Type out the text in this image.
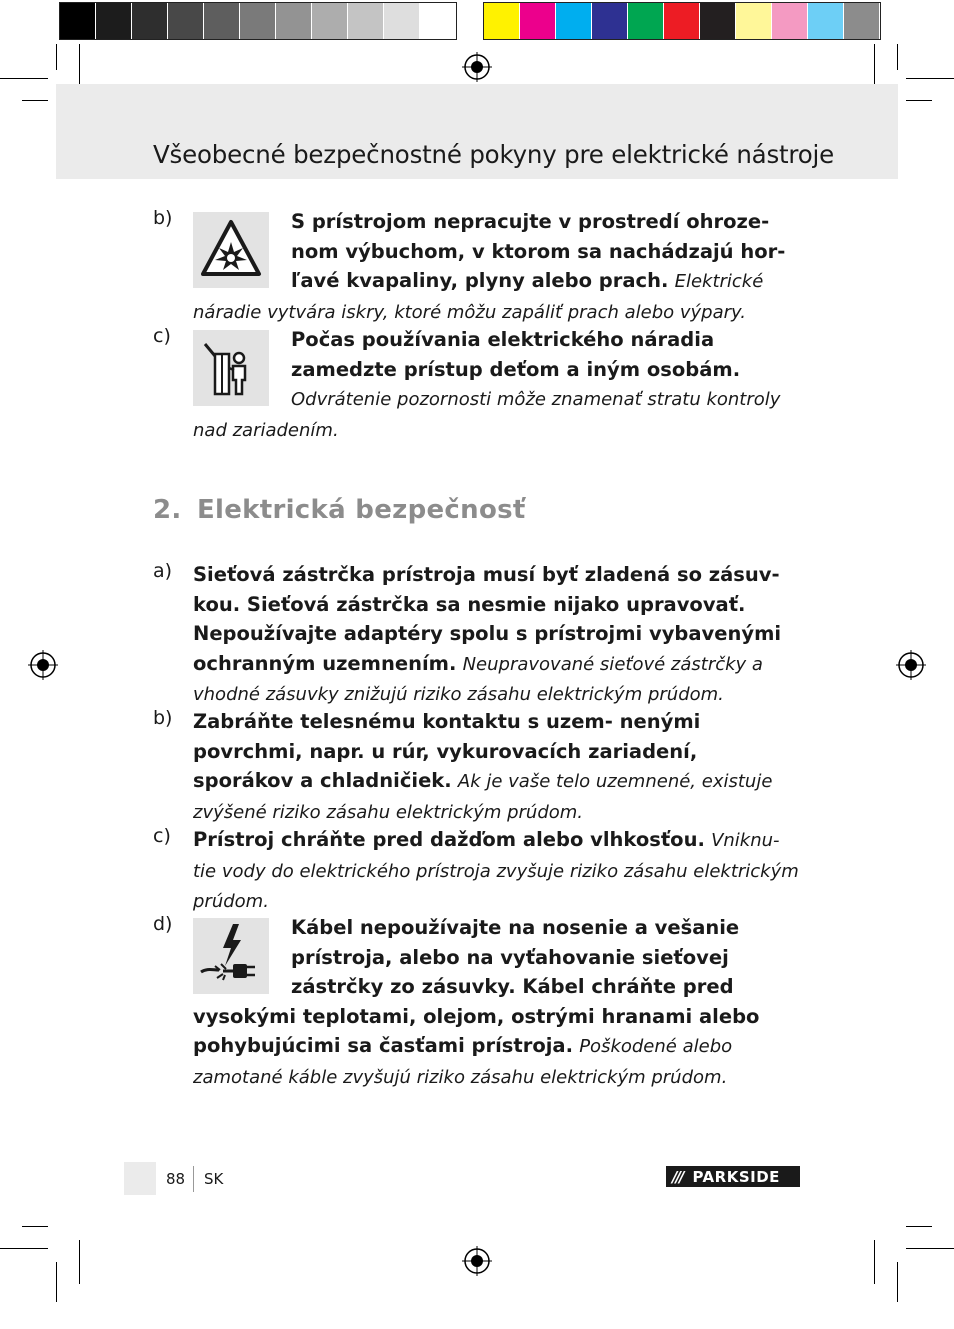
Všeobecné bezpečnostné pokyny pre elektrické nástroje
b)	S prístrojom nepracujte v prostredí ohroze- nom výbuchom, v ktorom sa nachádzajú hor- ľavé kvapaliny, plyny alebo prach. Elektrické náradie vytvára iskry, ktoré môžu zapáliť prach alebo výpary.
c)	Počas používania elektrického náradia zamedzte prístup deťom a iným osobám. Odvrátenie pozornosti môže znamenať stratu kontroly nad zariadením.
2. Elektrická bezpečnosť
a) Sieťová zástrčka prístroja musí byť zladená so zásuv- kou. Sieťová zástrčka sa nesmie nijako upravovať. Nepoužívajte adaptéry spolu s prístrojmi vybavenými ochranným uzemnením. Neupravované sieťové zástrčky a vhodné zásuvky znižujú riziko zásahu elektrickým prúdom.
b) Zabráňte telesnému kontaktu s uzem- nenými povrchmi, napr. u rúr, vykurovacích zariadení, sporákov a chladničiek. Ak je vaše telo uzemnené, existuje zvýšené riziko zásahu elektrickým prúdom.
c) Prístroj chráňte pred dažďom alebo vlhkosťou. Vniknu- tie vody do elektrického prístroja zvyšuje riziko zásahu elektrickým prúdom.
d)	Kábel nepoužívajte na nosenie a vešanie prístroja, alebo na vyťahovanie sieťovej zástrčky zo zásuvky. Kábel chráňte pred vysokými teplotami, olejom, ostrými hranami alebo pohybujúcimi sa časťami prístroja. Poškodené alebo zamotané káble zvyšujú riziko zásahu elektrickým prúdom.
88 SK	/// PARKSIDE
